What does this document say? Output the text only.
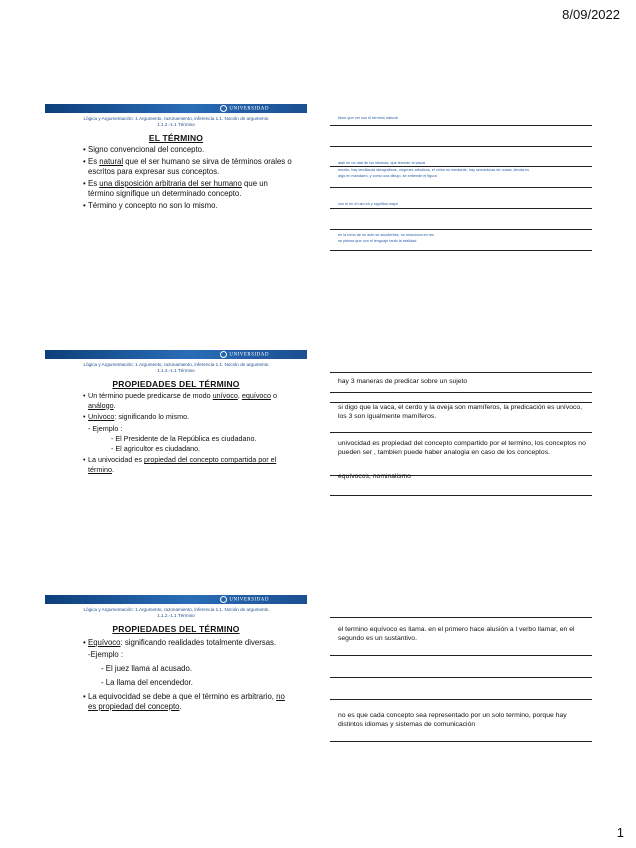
8/09/2022
UNIVERSIDAD
Lógica y Argumentación: 1.Argumento, razonamiento, inferencia 1.1. Noción de argumento
1.1.2.-1.1 Término
EL TÉRMINO
• Signo convencional del concepto.
• Es natural que el ser humano se sirva de términos orales o escritos para expresar sus conceptos.
• Es una disposición arbitraria del ser humano que un término signifique un determinado concepto.
• Término y concepto no son lo mismo.
UNIVERSIDAD
Lógica y Argumentación: 1.Argumento, razonamiento, inferencia 1.1. Noción de argumento
1.1.2.-1.1 Término
PROPIEDADES DEL TÉRMINO
• Un término puede predicarse de modo unívoco, equívoco o análogo.
• Unívoco: significando lo mismo.
- Ejemplo :
- El Presidente de la República es ciudadano.
- El agricultor es ciudadano.
• La univocidad es propiedad del concepto compartida por el término.
UNIVERSIDAD
Lógica y Argumentación: 1.Argumento, razonamiento, inferencia 1.1. Noción de argumento
1.1.2.-1.1 Término
PROPIEDADES DEL TÉRMINO
• Equívoco: significando realidades totalmente diversas.
-Ejemplo :
- El juez llama al acusado.
- La llama del encendedor.
• La equivocidad se debe a que el término es arbitrario, no es propiedad del concepto.
tiene que ver con el termino natural.
atali en na dad de los idiomas, que tenmde al visual
escrito, hay lenditaura ideográficas, orígenes artísticos, el chino es mediante, hay semanticas de cosas, tienda es
algo en mandarín, y como una dibujo, se entiende el figura
con el en el uso en y significa mayo
en la tomo de se acto se accidentes, no reacciona en res
se piensa que con el lenguaje tanto la realidad
hay 3 maneras de predicar sobre un sujeto
si digo que la vaca, el cerdo y la oveja son mamíferos, la predicación es unívoco, los 3 son igualmente mamíferos.
univocidad es propiedad del concepto compartido por el termino, los conceptos no pueden ser , tambien puede haber analogia en caso de los conceptos.
equívocos, nominalismo
el termino equívoco es llama. en el primero hace alusión a l verbo llamar, en el segundo es un sustantivo.
no es que cada concepto sea representado por un solo termino, porque hay distintos idiomas y sistemas de comunicación
1
